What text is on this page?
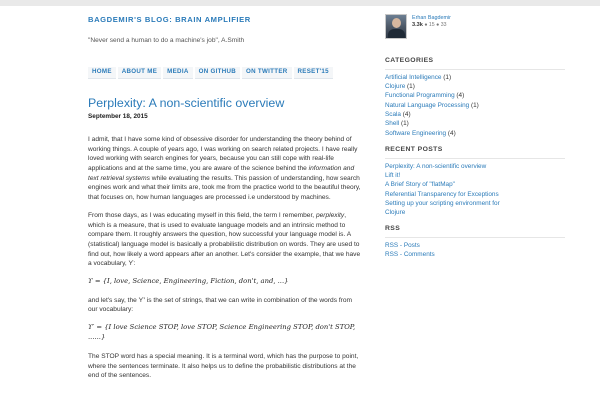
BAGDEMIR'S BLOG: BRAIN AMPLIFIER
"Never send a human to do a machine's job", A.Smith
HOME	ABOUT ME	MEDIA	ON GITHUB	ON TWITTER	RESET'15
Perplexity: A non-scientific overview
September 18, 2015

I admit, that I have some kind of obsessive disorder for understanding the theory behind of working things. A couple of years ago, I was working on search related projects. I have really loved working with search engines for years, because you can still cope with real-life applications and at the same time, you are aware of the science behind the information and text retrieval systems while evaluating the results. This passion of understanding, how search engines work and what their limits are, took me from the practice world to the beautiful theory, that focuses on, how human languages are processed i.e understood by machines.

From those days, as I was educating myself in this field, the term I remember, perplexity, which is a measure, that is used to evaluate language models and an intrinsic method to compare them. It roughly answers the question, how successful your language model is. A (statistical) language model is basically a probabilistic distribution on words. They are used to find out, how likely a word appears after an another. Let's consider the example, that we have a vocabulary, ϒ:

ϒ = {I, love, Science, Engineering, Fiction, don't, and, ...}

and let's say, the ϒ′ is the set of strings, that we can write in combination of the words from our vocabulary:

ϒ′ = {I love Science STOP, love STOP, Science Engineering STOP, don't STOP, ......}

The STOP word has a special meaning. It is a terminal word, which has the purpose to point, where the sentences terminate. It also helps us to define the probabilistic distributions at the end of the sentences.

Erhan Bagdemir
3.3k ● 15 ● 33
CATEGORIES
Artificial Intelligence (1)
Clojure (1)
Functional Programming (4)
Natural Language Processing (1)
Scala (4)
Shell (1)
Software Engineering (4)
RECENT POSTS
Perplexity: A non-scientific overview
Lift it!
A Brief Story of "flatMap"
Referential Transparency for Exceptions
Setting up your scripting environment for Clojure
RSS
RSS - Posts
RSS - Comments
